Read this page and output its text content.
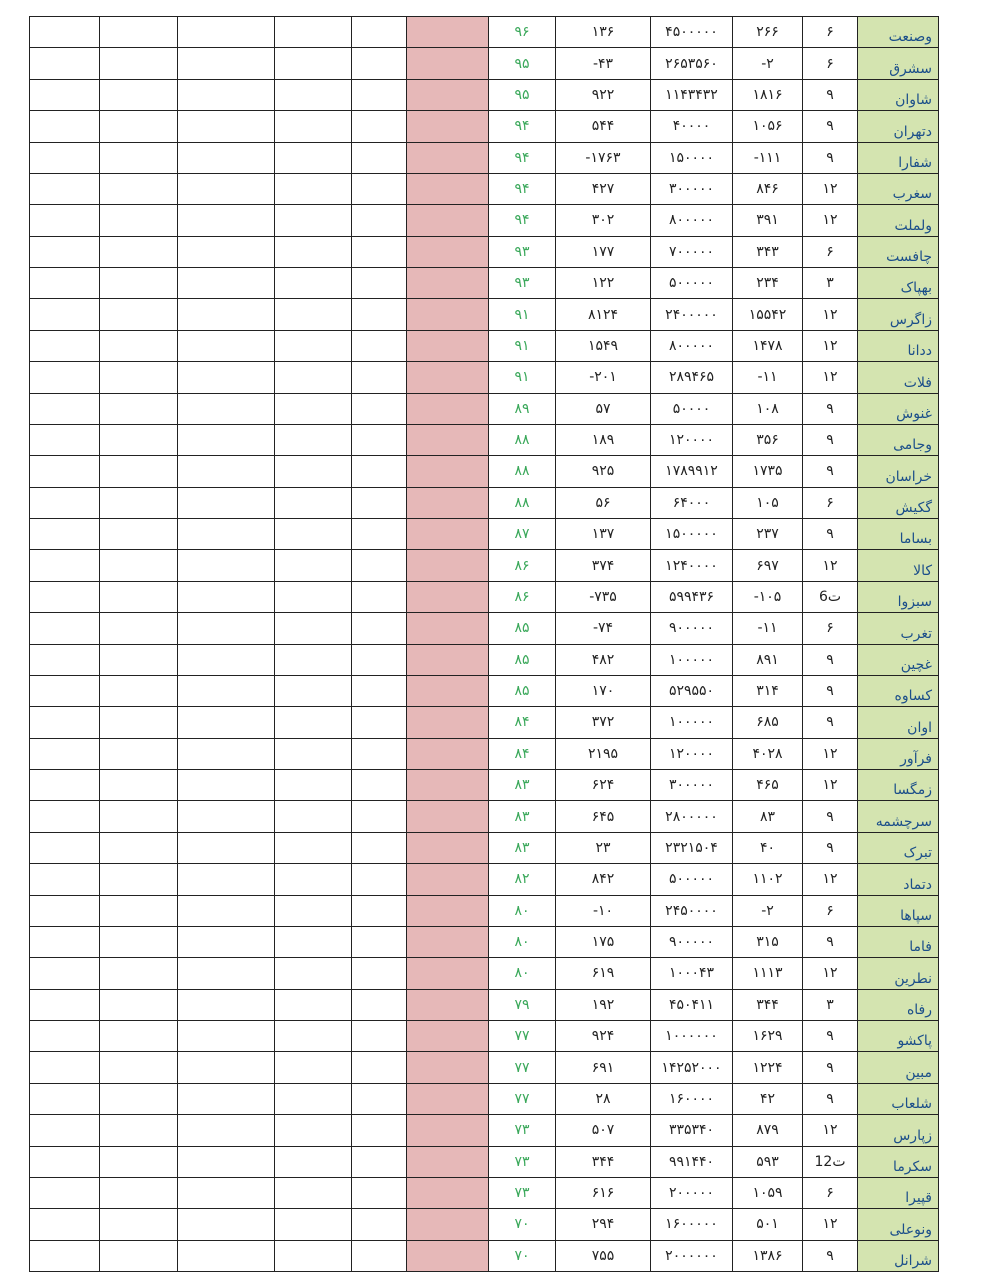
						۹۶	۱۳۶	۴۵۰۰۰۰۰	۲۶۶	۶	وصنعت
						۹۵	-۴۳	۲۶۵۳۵۶۰	-۲	۶	سشرق
						۹۵	۹۲۲	۱۱۴۳۴۳۲	۱۸۱۶	۹	شاوان
						۹۴	۵۴۴	۴۰۰۰۰	۱۰۵۶	۹	دتهران
						۹۴	-۱۷۶۳	۱۵۰۰۰۰	-۱۱۱	۹	شفارا
						۹۴	۴۲۷	۳۰۰۰۰۰	۸۴۶	۱۲	سغرب
						۹۴	۳۰۲	۸۰۰۰۰۰	۳۹۱	۱۲	ولملت
						۹۳	۱۷۷	۷۰۰۰۰۰	۳۴۳	۶	چافست
						۹۳	۱۲۲	۵۰۰۰۰۰	۲۳۴	۳	بهپاک
						۹۱	۸۱۲۴	۲۴۰۰۰۰۰	۱۵۵۴۲	۱۲	زاگرس
						۹۱	۱۵۴۹	۸۰۰۰۰۰	۱۴۷۸	۱۲	ددانا
						۹۱	-۲۰۱	۲۸۹۴۶۵	-۱۱	۱۲	فلات
						۸۹	۵۷	۵۰۰۰۰	۱۰۸	۹	غنوش
						۸۸	۱۸۹	۱۲۰۰۰۰	۳۵۶	۹	وجامی
						۸۸	۹۲۵	۱۷۸۹۹۱۲	۱۷۳۵	۹	خراسان
						۸۸	۵۶	۶۴۰۰۰	۱۰۵	۶	گکیش
						۸۷	۱۳۷	۱۵۰۰۰۰۰	۲۳۷	۹	بساما
						۸۶	۳۷۴	۱۲۴۰۰۰۰	۶۹۷	۱۲	کالا
						۸۶	-۷۳۵	۵۹۹۴۳۶	-۱۰۵	6ت	سبزوا
						۸۵	-۷۴	۹۰۰۰۰۰	-۱۱	۶	تغرب
						۸۵	۴۸۲	۱۰۰۰۰۰	۸۹۱	۹	غچین
						۸۵	۱۷۰	۵۲۹۵۵۰	۳۱۴	۹	کساوه
						۸۴	۳۷۲	۱۰۰۰۰۰	۶۸۵	۹	اوان
						۸۴	۲۱۹۵	۱۲۰۰۰۰	۴۰۲۸	۱۲	فرآور
						۸۳	۶۲۴	۳۰۰۰۰۰	۴۶۵	۱۲	زمگسا
						۸۳	۶۴۵	۲۸۰۰۰۰۰	۸۳	۹	سرچشمه
						۸۳	۲۳	۲۳۲۱۵۰۴	۴۰	۹	تبرک
						۸۲	۸۴۲	۵۰۰۰۰۰	۱۱۰۲	۱۲	دتماد
						۸۰	-۱۰	۲۴۵۰۰۰۰	-۲	۶	سپاها
						۸۰	۱۷۵	۹۰۰۰۰۰	۳۱۵	۹	فاما
						۸۰	۶۱۹	۱۰۰۰۴۳	۱۱۱۳	۱۲	نطرین
						۷۹	۱۹۲	۴۵۰۴۱۱	۳۴۴	۳	رفاه
						۷۷	۹۲۴	۱۰۰۰۰۰۰	۱۶۲۹	۹	پاکشو
						۷۷	۶۹۱	۱۴۲۵۲۰۰۰	۱۲۲۴	۹	مبین
						۷۷	۲۸	۱۶۰۰۰۰	۴۲	۹	شلعاب
						۷۳	۵۰۷	۳۳۵۳۴۰	۸۷۹	۱۲	زپارس
						۷۳	۳۴۴	۹۹۱۴۴۰	۵۹۳	12ت	سکرما
						۷۳	۶۱۶	۲۰۰۰۰۰	۱۰۵۹	۶	قپیرا
						۷۰	۲۹۴	۱۶۰۰۰۰۰	۵۰۱	۱۲	ونوعلی
						۷۰	۷۵۵	۲۰۰۰۰۰۰	۱۳۸۶	۹	شرانل
